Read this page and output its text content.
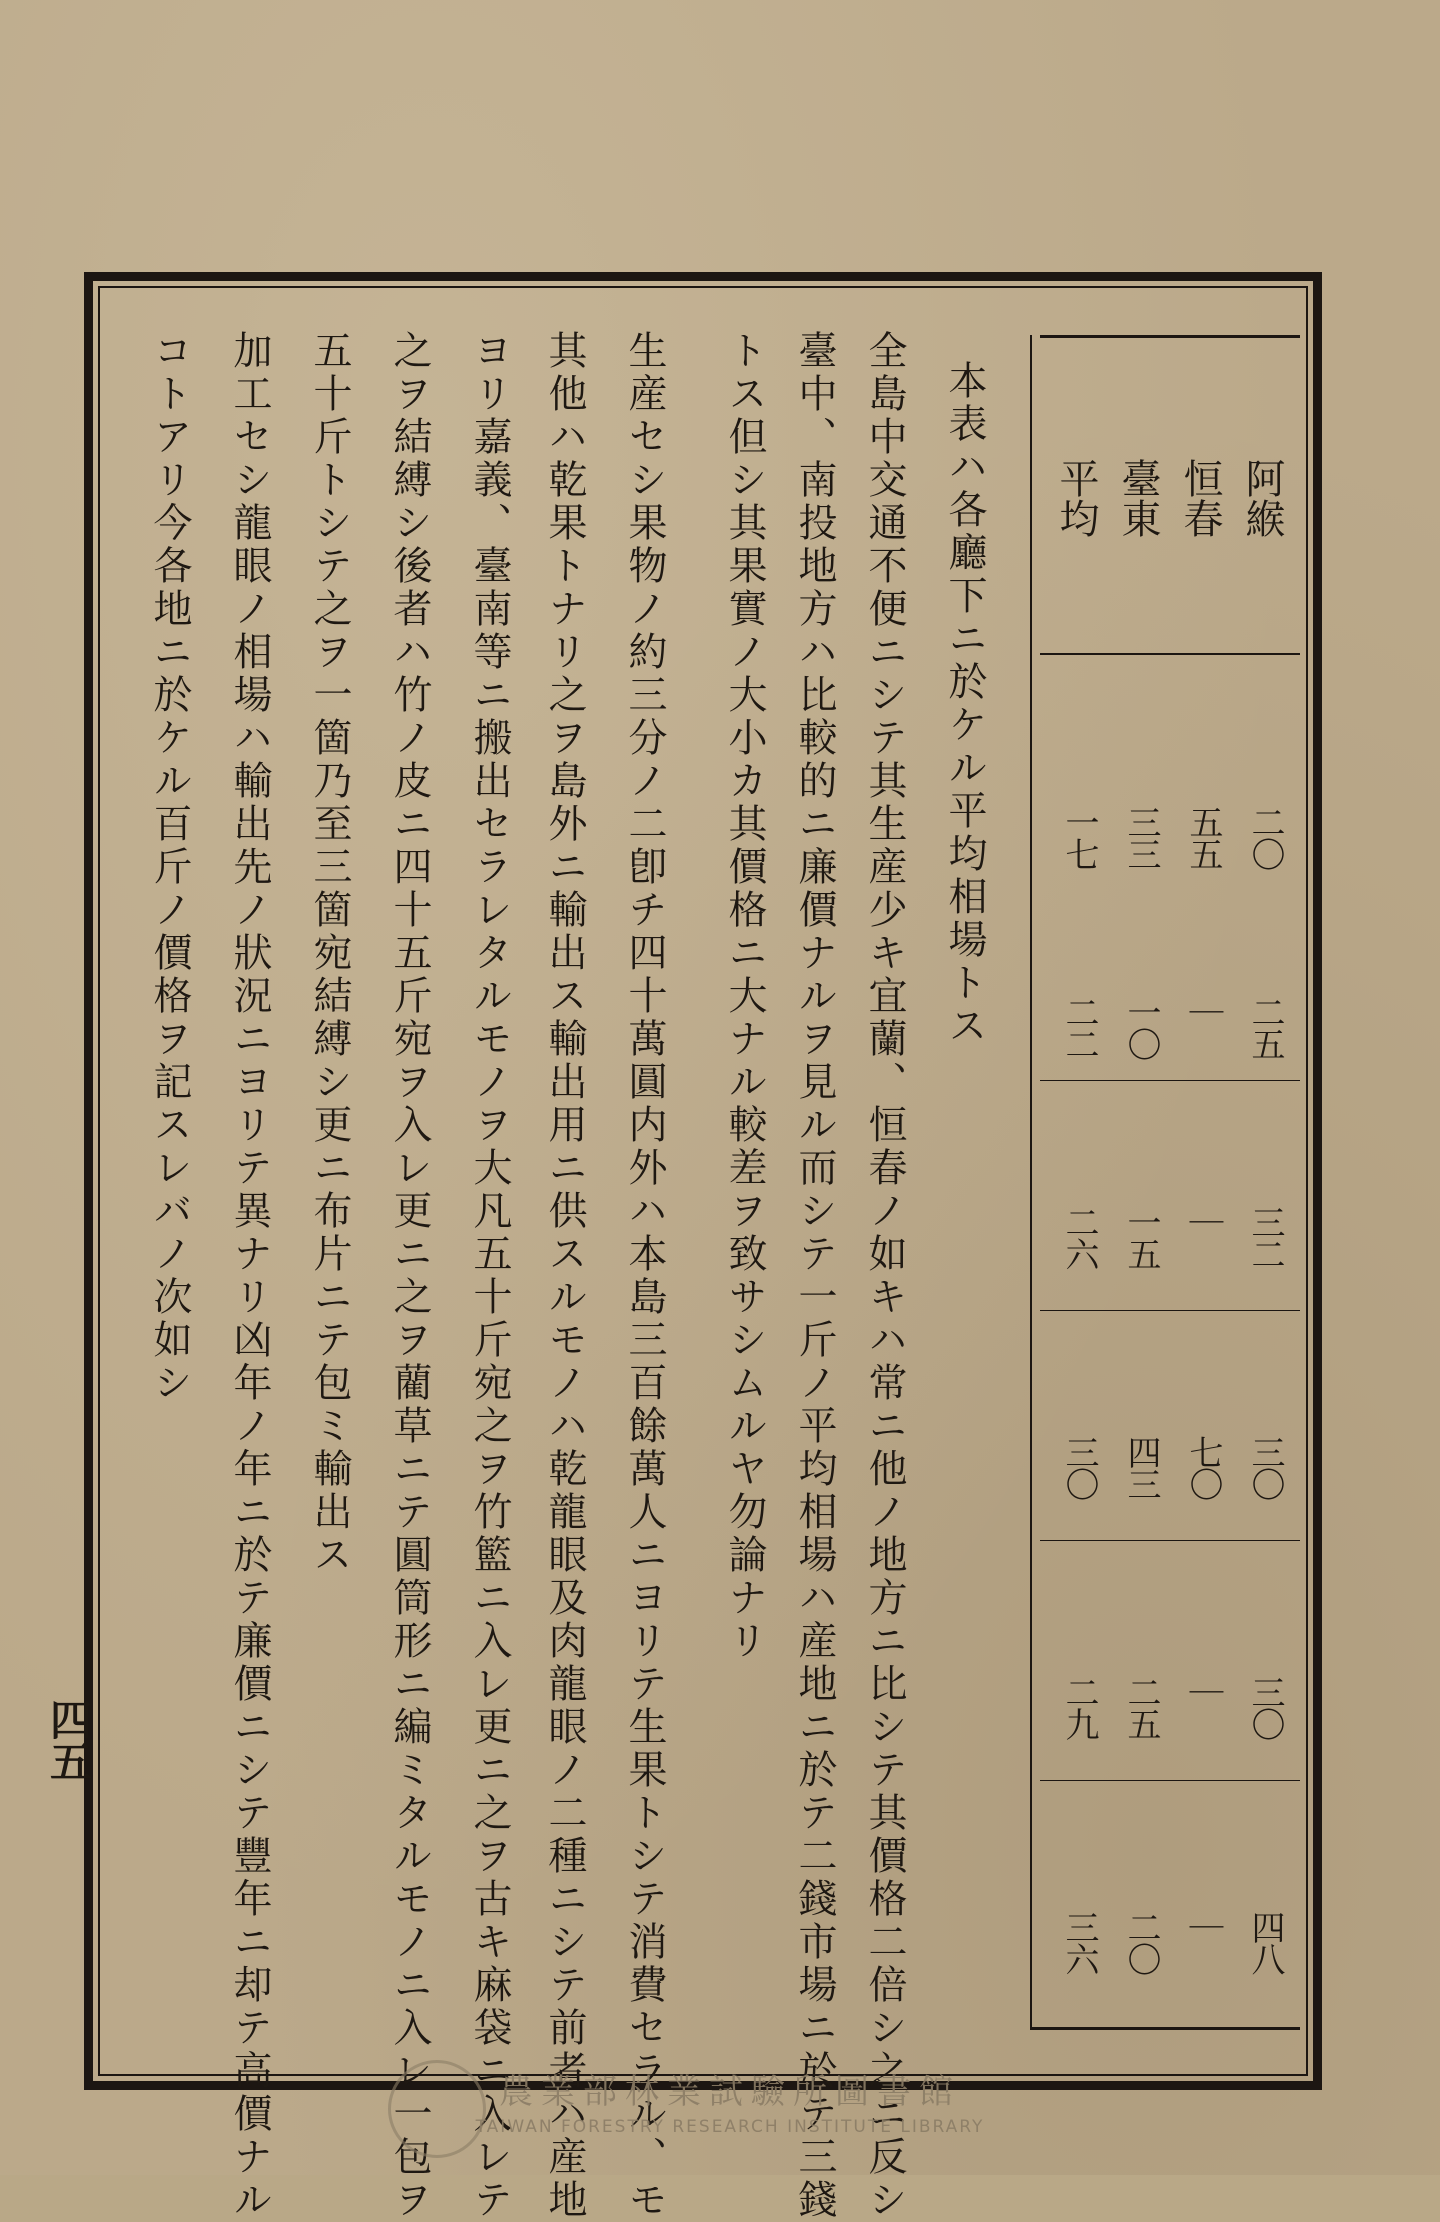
阿緱
恒春
臺東
平均
二〇
五五
三三
一七
二五
｜
一〇
二二
三二
｜
一五
二六
三〇
七〇
四三
三〇
三〇
｜
二五
二九
四八
｜
二〇
三六
本表ハ各廳下ニ於ケル平均相場トス
全島中交通不便ニシテ其生産少キ宜蘭、恒春ノ如キハ常ニ他ノ地方ニ比シテ其價格二倍シ之ニ反シ
臺中、南投地方ハ比較的ニ廉價ナルヲ見ル而シテ一斤ノ平均相場ハ産地ニ於テ二錢市場ニ於テ三錢
トス但シ其果實ノ大小カ其價格ニ大ナル較差ヲ致サシムルヤ勿論ナリ
生産セシ果物ノ約三分ノ二卽チ四十萬圓内外ハ本島三百餘萬人ニヨリテ生果トシテ消費セラル、モ
其他ハ乾果トナリ之ヲ島外ニ輸出ス輸出用ニ供スルモノハ乾龍眼及肉龍眼ノ二種ニシテ前者ハ産地
ヨリ嘉義、臺南等ニ搬出セラレタルモノヲ大凡五十斤宛之ヲ竹籃ニ入レ更ニ之ヲ古キ麻袋ニ入レテ
之ヲ結縛シ後者ハ竹ノ皮ニ四十五斤宛ヲ入レ更ニ之ヲ藺草ニテ圓筒形ニ編ミタルモノニ入レ一包ヲ
五十斤トシテ之ヲ一箇乃至三箇宛結縛シ更ニ布片ニテ包ミ輸出ス
加工セシ龍眼ノ相場ハ輸出先ノ狀況ニヨリテ異ナリ凶年ノ年ニ於テ廉價ニシテ豐年ニ却テ高價ナル
コトアリ今各地ニ於ケル百斤ノ價格ヲ記スレバノ次如シ
四五
農業部林業試驗所圖書館
TAIWAN FORESTRY RESEARCH INSTITUTE LIBRARY
